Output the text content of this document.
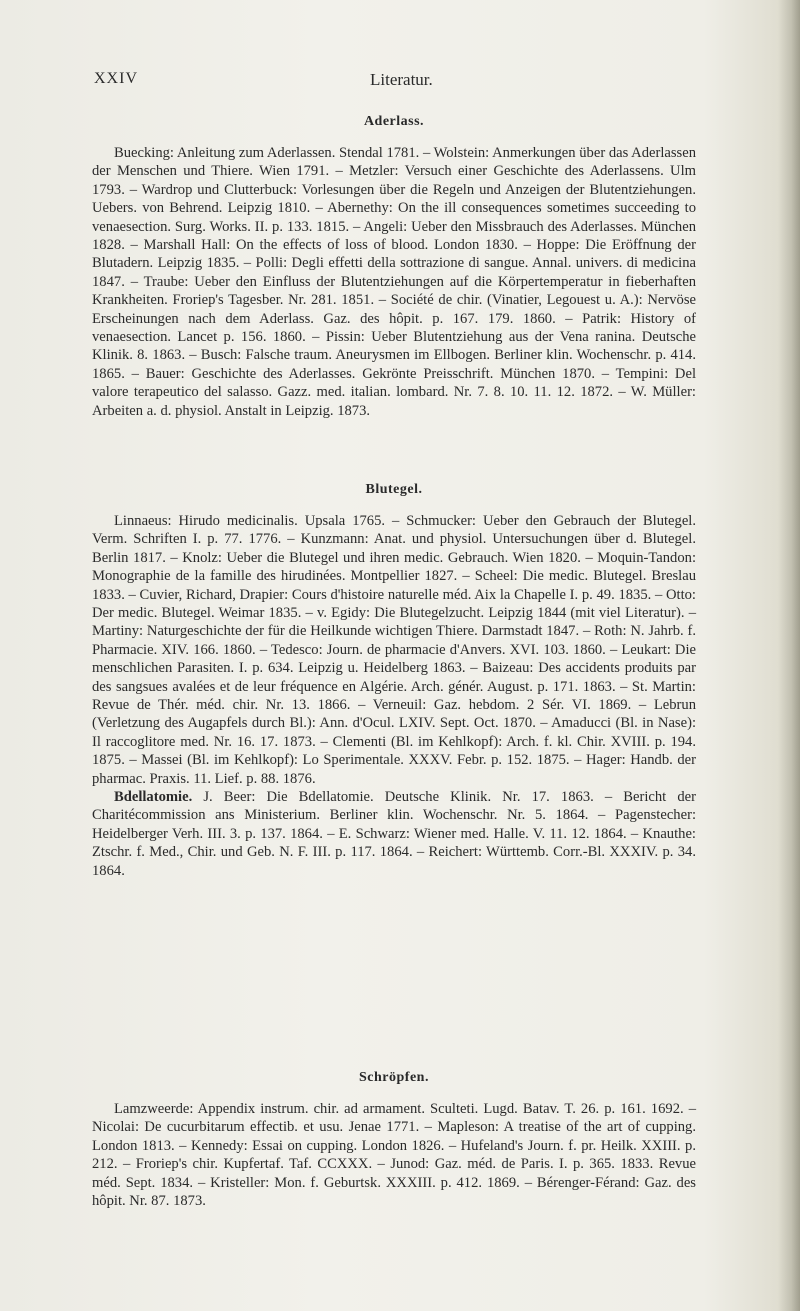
XXIV	Literatur.
Aderlass.

Buecking: Anleitung zum Aderlassen. Stendal 1781. – Wolstein: Anmerkungen über das Aderlassen der Menschen und Thiere. Wien 1791. – Metzler: Versuch einer Geschichte des Aderlassens. Ulm 1793. – Wardrop und Clutterbuck: Vorlesungen über die Regeln und Anzeigen der Blutentziehungen. Uebers. von Behrend. Leipzig 1810. – Abernethy: On the ill consequences sometimes succeeding to venaesection. Surg. Works. II. p. 133. 1815. – Angeli: Ueber den Missbrauch des Aderlasses. München 1828. – Marshall Hall: On the effects of loss of blood. London 1830. – Hoppe: Die Eröffnung der Blutadern. Leipzig 1835. – Polli: Degli effetti della sottrazione di sangue. Annal. univers. di medicina 1847. – Traube: Ueber den Einfluss der Blutentziehungen auf die Körpertemperatur in fieberhaften Krankheiten. Froriep's Tagesber. Nr. 281. 1851. – Société de chir. (Vinatier, Legouest u. A.): Nervöse Erscheinungen nach dem Aderlass. Gaz. des hôpit. p. 167. 179. 1860. – Patrik: History of venaesection. Lancet p. 156. 1860. – Pissin: Ueber Blutentziehung aus der Vena ranina. Deutsche Klinik. 8. 1863. – Busch: Falsche traum. Aneurysmen im Ellbogen. Berliner klin. Wochenschr. p. 414. 1865. – Bauer: Geschichte des Aderlasses. Gekrönte Preisschrift. München 1870. – Tempini: Del valore terapeutico del salasso. Gazz. med. italian. lombard. Nr. 7. 8. 10. 11. 12. 1872. – W. Müller: Arbeiten a. d. physiol. Anstalt in Leipzig. 1873.

Blutegel.

Linnaeus: Hirudo medicinalis. Upsala 1765. – Schmucker: Ueber den Gebrauch der Blutegel. Verm. Schriften I. p. 77. 1776. – Kunzmann: Anat. und physiol. Untersuchungen über d. Blutegel. Berlin 1817. – Knolz: Ueber die Blutegel und ihren medic. Gebrauch. Wien 1820. – Moquin-Tandon: Monographie de la famille des hirudinées. Montpellier 1827. – Scheel: Die medic. Blutegel. Breslau 1833. – Cuvier, Richard, Drapier: Cours d'histoire naturelle méd. Aix la Chapelle I. p. 49. 1835. – Otto: Der medic. Blutegel. Weimar 1835. – v. Egidy: Die Blutegelzucht. Leipzig 1844 (mit viel Literatur). – Martiny: Naturgeschichte der für die Heilkunde wichtigen Thiere. Darmstadt 1847. – Roth: N. Jahrb. f. Pharmacie. XIV. 166. 1860. – Tedesco: Journ. de pharmacie d'Anvers. XVI. 103. 1860. – Leukart: Die menschlichen Parasiten. I. p. 634. Leipzig u. Heidelberg 1863. – Baizeau: Des accidents produits par des sangsues avalées et de leur fréquence en Algérie. Arch. génér. August. p. 171. 1863. – St. Martin: Revue de Thér. méd. chir. Nr. 13. 1866. – Verneuil: Gaz. hebdom. 2 Sér. VI. 1869. – Lebrun (Verletzung des Augapfels durch Bl.): Ann. d'Ocul. LXIV. Sept. Oct. 1870. – Amaducci (Bl. in Nase): Il raccoglitore med. Nr. 16. 17. 1873. – Clementi (Bl. im Kehlkopf): Arch. f. kl. Chir. XVIII. p. 194. 1875. – Massei (Bl. im Kehlkopf): Lo Sperimentale. XXXV. Febr. p. 152. 1875. – Hager: Handb. der pharmac. Praxis. 11. Lief. p. 88. 1876.

Bdellatomie. J. Beer: Die Bdellatomie. Deutsche Klinik. Nr. 17. 1863. – Bericht der Charitécommission ans Ministerium. Berliner klin. Wochenschr. Nr. 5. 1864. – Pagenstecher: Heidelberger Verh. III. 3. p. 137. 1864. – E. Schwarz: Wiener med. Halle. V. 11. 12. 1864. – Knauthe: Ztschr. f. Med., Chir. und Geb. N. F. III. p. 117. 1864. – Reichert: Württemb. Corr.-Bl. XXXIV. p. 34. 1864.

Schröpfen.

Lamzweerde: Appendix instrum. chir. ad armament. Sculteti. Lugd. Batav. T. 26. p. 161. 1692. – Nicolai: De cucurbitarum effectib. et usu. Jenae 1771. – Mapleson: A treatise of the art of cupping. London 1813. – Kennedy: Essai on cupping. London 1826. – Hufeland's Journ. f. pr. Heilk. XXIII. p. 212. – Froriep's chir. Kupfertaf. Taf. CCXXX. – Junod: Gaz. méd. de Paris. I. p. 365. 1833. Revue méd. Sept. 1834. – Kristeller: Mon. f. Geburtsk. XXXIII. p. 412. 1869. – Bérenger-Férand: Gaz. des hôpit. Nr. 87. 1873.
